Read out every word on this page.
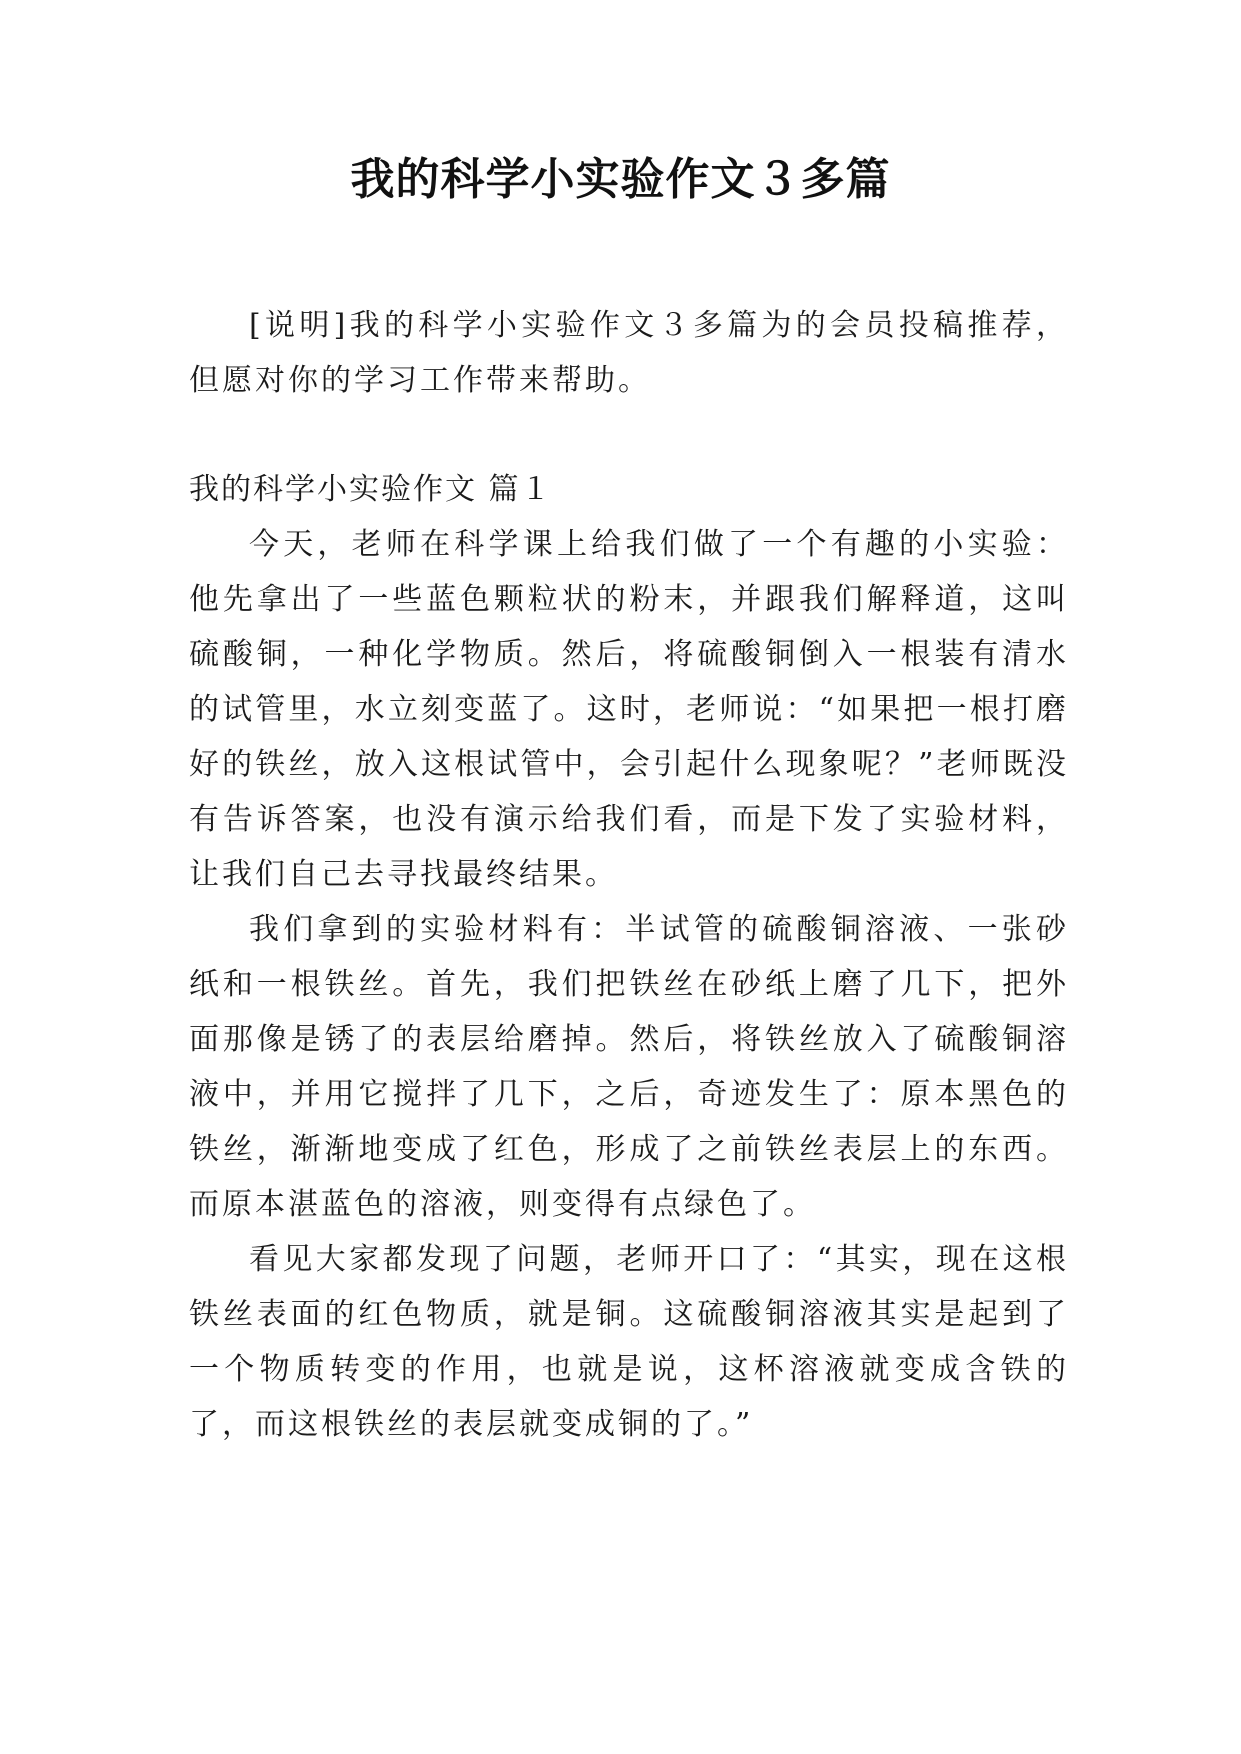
我的科学小实验作文３多篇

[说明]我的科学小实验作文３多篇为的会员投稿推荐，但愿对你的学习工作带来帮助。

我的科学小实验作文 篇１

今天，老师在科学课上给我们做了一个有趣的小实验：他先拿出了一些蓝色颗粒状的粉末，并跟我们解释道，这叫硫酸铜，一种化学物质。然后，将硫酸铜倒入一根装有清水的试管里，水立刻变蓝了。这时，老师说：“如果把一根打磨好的铁丝，放入这根试管中，会引起什么现象呢？”老师既没有告诉答案，也没有演示给我们看，而是下发了实验材料，让我们自己去寻找最终结果。

我们拿到的实验材料有：半试管的硫酸铜溶液、一张砂纸和一根铁丝。首先，我们把铁丝在砂纸上磨了几下，把外面那像是锈了的表层给磨掉。然后，将铁丝放入了硫酸铜溶液中，并用它搅拌了几下，之后，奇迹发生了：原本黑色的铁丝，渐渐地变成了红色，形成了之前铁丝表层上的东西。而原本湛蓝色的溶液，则变得有点绿色了。

看见大家都发现了问题，老师开口了：“其实，现在这根铁丝表面的红色物质，就是铜。这硫酸铜溶液其实是起到了一个物质转变的作用，也就是说，这杯溶液就变成含铁的了，而这根铁丝的表层就变成铜的了。”
